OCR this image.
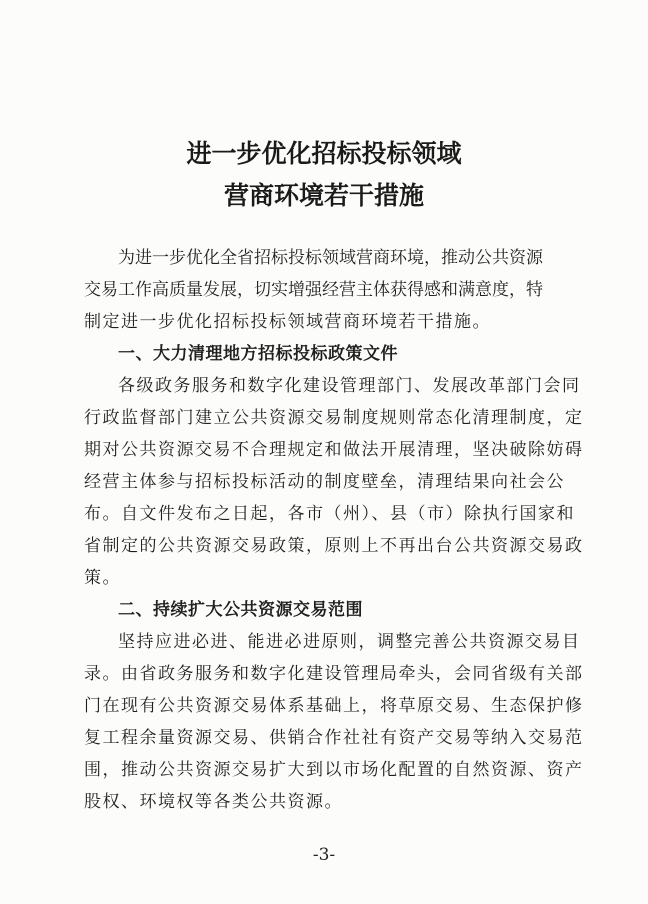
进一步优化招标投标领域
营商环境若干措施
为进一步优化全省招标投标领域营商环境，推动公共资源
交易工作高质量发展，切实增强经营主体获得感和满意度，特
制定进一步优化招标投标领域营商环境若干措施。
一、大力清理地方招标投标政策文件
各级政务服务和数字化建设管理部门、发展改革部门会同
行政监督部门建立公共资源交易制度规则常态化清理制度，定
期对公共资源交易不合理规定和做法开展清理，坚决破除妨碍
经营主体参与招标投标活动的制度壁垒，清理结果向社会公
布。自文件发布之日起，各市（州）、县（市）除执行国家和
省制定的公共资源交易政策，原则上不再出台公共资源交易政
策。
二、持续扩大公共资源交易范围
坚持应进必进、能进必进原则，调整完善公共资源交易目
录。由省政务服务和数字化建设管理局牵头，会同省级有关部
门在现有公共资源交易体系基础上，将草原交易、生态保护修
复工程余量资源交易、供销合作社社有资产交易等纳入交易范
围，推动公共资源交易扩大到以市场化配置的自然资源、资产
股权、环境权等各类公共资源。
-3-
